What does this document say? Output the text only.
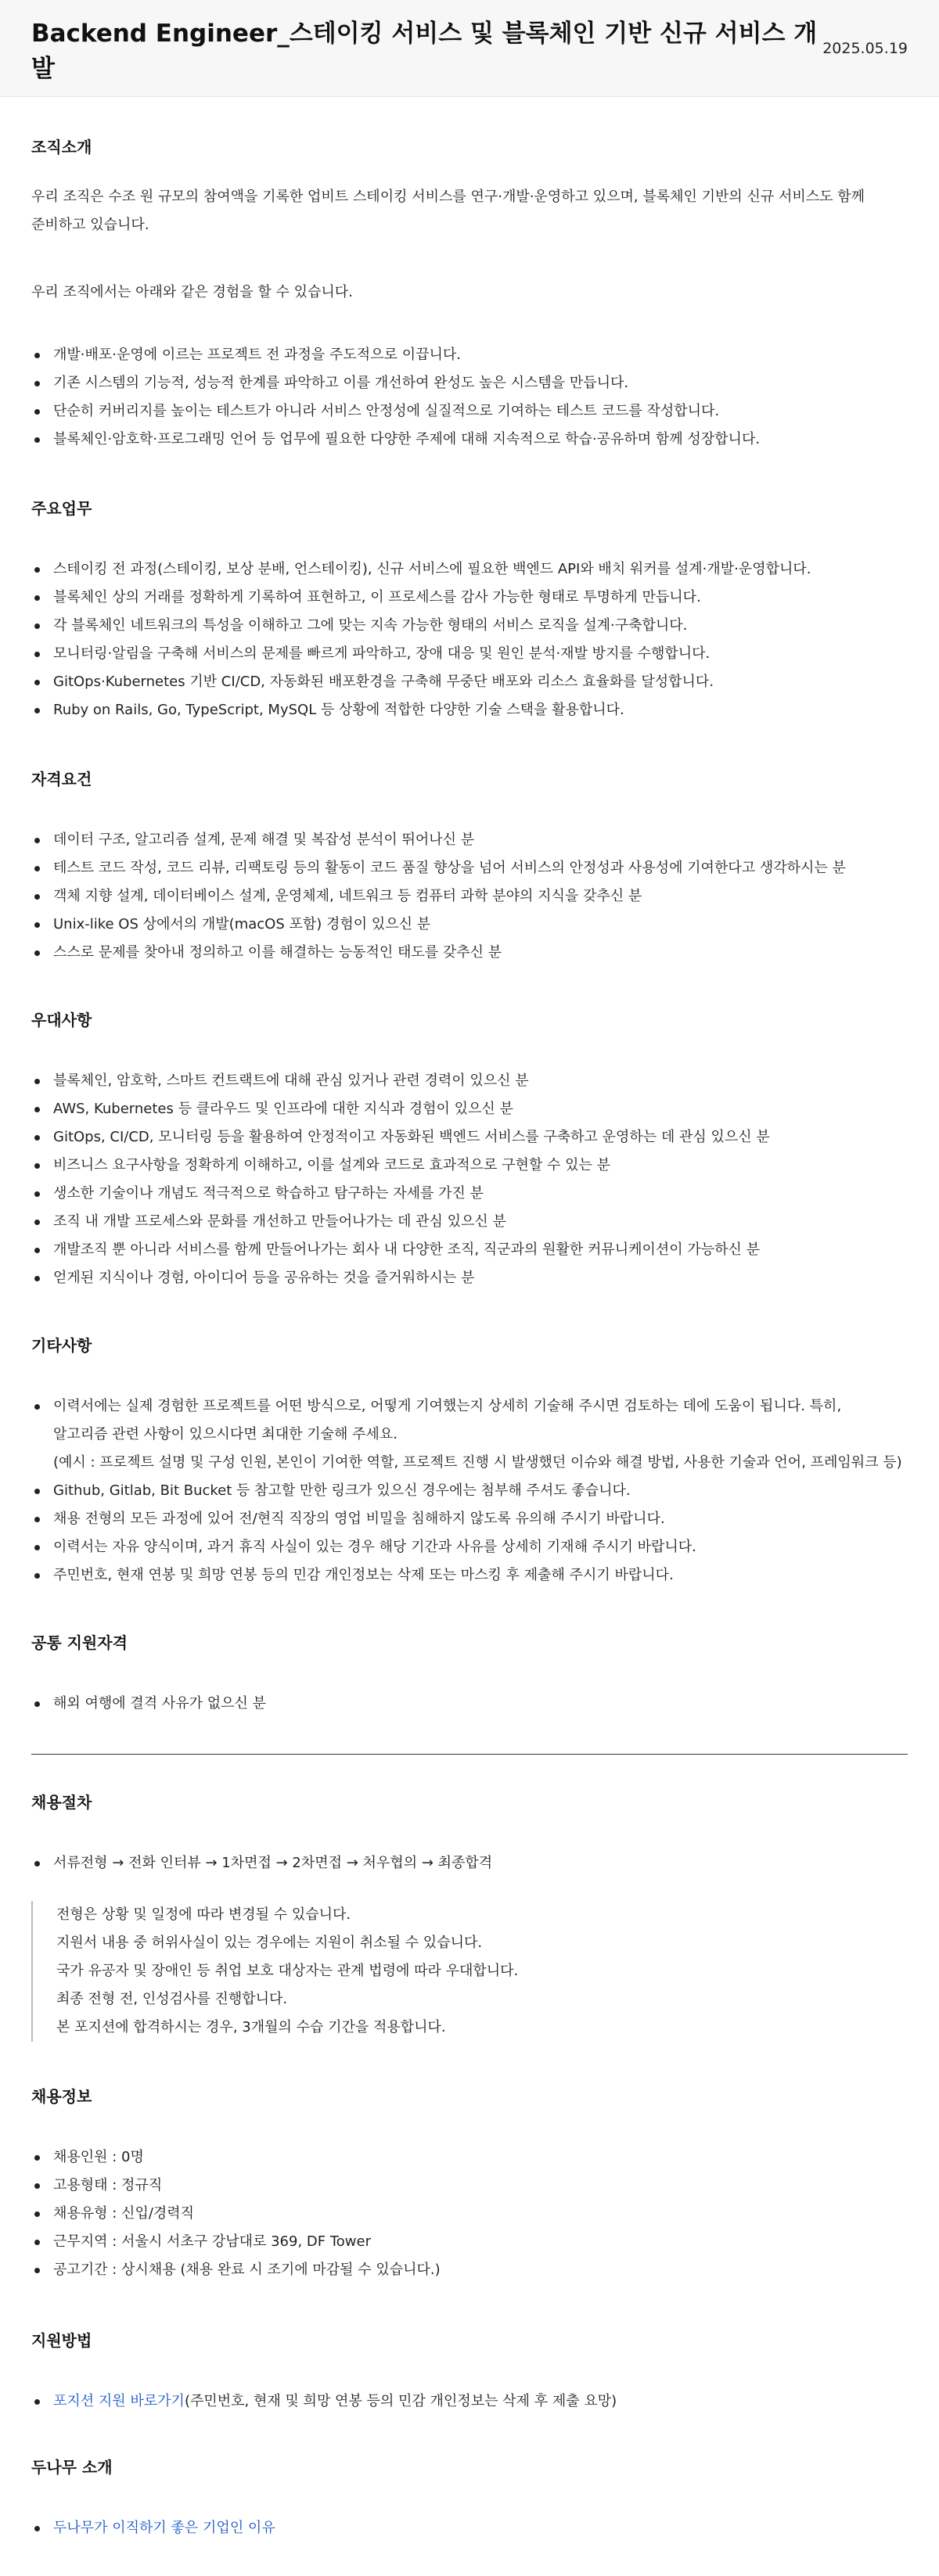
Backend Engineer_스테이킹 서비스 및 블록체인 기반 신규 서비스 개발
2025.05.19
조직소개

우리 조직은 수조 원 규모의 참여액을 기록한 업비트 스테이킹 서비스를 연구·개발·운영하고 있으며, 블록체인 기반의 신규 서비스도 함께

준비하고 있습니다.

우리 조직에서는 아래와 같은 경험을 할 수 있습니다.

개발·배포·운영에 이르는 프로젝트 전 과정을 주도적으로 이끕니다.
기존 시스템의 기능적, 성능적 한계를 파악하고 이를 개선하여 완성도 높은 시스템을 만듭니다.
단순히 커버리지를 높이는 테스트가 아니라 서비스 안정성에 실질적으로 기여하는 테스트 코드를 작성합니다.
블록체인·암호학·프로그래밍 언어 등 업무에 필요한 다양한 주제에 대해 지속적으로 학습·공유하며 함께 성장합니다.
주요업무
스테이킹 전 과정(스테이킹, 보상 분배, 언스테이킹), 신규 서비스에 필요한 백엔드 API와 배치 워커를 설계·개발·운영합니다.
블록체인 상의 거래를 정확하게 기록하여 표현하고, 이 프로세스를 감사 가능한 형태로 투명하게 만듭니다.
각 블록체인 네트워크의 특성을 이해하고 그에 맞는 지속 가능한 형태의 서비스 로직을 설계·구축합니다.
모니터링·알림을 구축해 서비스의 문제를 빠르게 파악하고, 장애 대응 및 원인 분석·재발 방지를 수행합니다.
GitOps·Kubernetes 기반 CI/CD, 자동화된 배포환경을 구축해 무중단 배포와 리소스 효율화를 달성합니다.
Ruby on Rails, Go, TypeScript, MySQL 등 상황에 적합한 다양한 기술 스택을 활용합니다.
자격요건
데이터 구조, 알고리즘 설계, 문제 해결 및 복잡성 분석이 뛰어나신 분
테스트 코드 작성, 코드 리뷰, 리팩토링 등의 활동이 코드 품질 향상을 넘어 서비스의 안정성과 사용성에 기여한다고 생각하시는 분
객체 지향 설계, 데이터베이스 설계, 운영체제, 네트워크 등 컴퓨터 과학 분야의 지식을 갖추신 분
Unix-like OS 상에서의 개발(macOS 포함) 경험이 있으신 분
스스로 문제를 찾아내 정의하고 이를 해결하는 능동적인 태도를 갖추신 분
우대사항
블록체인, 암호학, 스마트 컨트랙트에 대해 관심 있거나 관련 경력이 있으신 분
AWS, Kubernetes 등 클라우드 및 인프라에 대한 지식과 경험이 있으신 분
GitOps, CI/CD, 모니터링 등을 활용하여 안정적이고 자동화된 백엔드 서비스를 구축하고 운영하는 데 관심 있으신 분
비즈니스 요구사항을 정확하게 이해하고, 이를 설계와 코드로 효과적으로 구현할 수 있는 분
생소한 기술이나 개념도 적극적으로 학습하고 탐구하는 자세를 가진 분
조직 내 개발 프로세스와 문화를 개선하고 만들어나가는 데 관심 있으신 분
개발조직 뿐 아니라 서비스를 함께 만들어나가는 회사 내 다양한 조직, 직군과의 원활한 커뮤니케이션이 가능하신 분
얻게된 지식이나 경험, 아이디어 등을 공유하는 것을 즐거워하시는 분
기타사항
이력서에는 실제 경험한 프로젝트를 어떤 방식으로, 어떻게 기여했는지 상세히 기술해 주시면 검토하는 데에 도움이 됩니다. 특히,
알고리즘 관련 사항이 있으시다면 최대한 기술해 주세요.
(예시 : 프로젝트 설명 및 구성 인원, 본인이 기여한 역할, 프로젝트 진행 시 발생했던 이슈와 해결 방법, 사용한 기술과 언어, 프레임워크 등)
Github, Gitlab, Bit Bucket 등 참고할 만한 링크가 있으신 경우에는 첨부해 주셔도 좋습니다.
채용 전형의 모든 과정에 있어 전/현직 직장의 영업 비밀을 침해하지 않도록 유의해 주시기 바랍니다.
이력서는 자유 양식이며, 과거 휴직 사실이 있는 경우 해당 기간과 사유를 상세히 기재해 주시기 바랍니다.
주민번호, 현재 연봉 및 희망 연봉 등의 민감 개인정보는 삭제 또는 마스킹 후 제출해 주시기 바랍니다.
공통 지원자격
해외 여행에 결격 사유가 없으신 분
채용절차
서류전형 → 전화 인터뷰 → 1차면접 → 2차면접 → 처우협의 → 최종합격
전형은 상황 및 일정에 따라 변경될 수 있습니다.
지원서 내용 중 허위사실이 있는 경우에는 지원이 취소될 수 있습니다.
국가 유공자 및 장애인 등 취업 보호 대상자는 관계 법령에 따라 우대합니다.
최종 전형 전, 인성검사를 진행합니다.
본 포지션에 합격하시는 경우, 3개월의 수습 기간을 적용합니다.
채용정보
채용인원 : 0명
고용형태 : 정규직
채용유형 : 신입/경력직
근무지역 : 서울시 서초구 강남대로 369, DF Tower
공고기간 : 상시채용 (채용 완료 시 조기에 마감될 수 있습니다.)
지원방법
포지션 지원 바로가기(주민번호, 현재 및 희망 연봉 등의 민감 개인정보는 삭제 후 제출 요망)
두나무 소개
두나무가 이직하기 좋은 기업인 이유
